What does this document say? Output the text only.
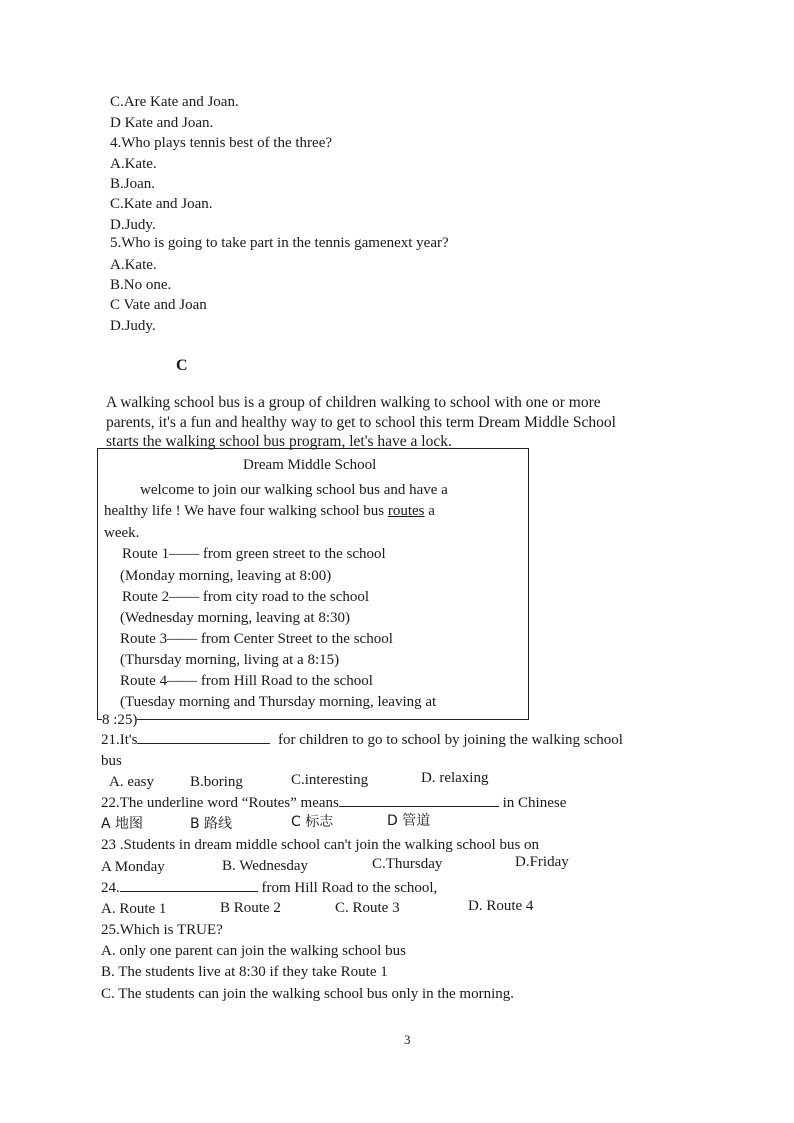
C.Are Kate and Joan.
D Kate and Joan.
4.Who plays tennis best of the three?
A.Kate.
B.Joan.
C.Kate and Joan.
D.Judy.
5.Who is going to take part in the tennis gamenext year?
A.Kate.
B.No one.
C Vate and Joan
D.Judy.
C
A walking school bus is a group of children walking to school with one or more
parents, it's a fun and healthy way to get to school this term Dream Middle School
starts the walking school bus program, let's have a lock.
Dream Middle School
welcome to join our walking school bus and have a
healthy life ! We have four walking school bus routes a
week.
Route 1—— from green street to the school
(Monday morning, leaving at 8:00)
Route 2—— from city road to the school
(Wednesday morning, leaving at 8:30)
Route 3—— from Center Street to the school
(Thursday morning, living at a 8:15)
Route 4—— from Hill Road to the school
(Tuesday morning and Thursday morning, leaving at
8 :25)
21.It's	for children to go to school by joining the walking school
bus
A. easy B.boring	C.interesting	D. relaxing
22.The underline word “Routes” means	in Chinese
A 地图	B 路线	C 标志	D 管道
23 .Students in dream middle school can't join the walking school bus on
A Monday	B. Wednesday	C.Thursday	D.Friday
24.	from Hill Road to the school,
A. Route 1	B Route 2	C. Route 3	D. Route 4
25.Which is TRUE?
A. only one parent can join the walking school bus
B. The students live at 8:30 if they take Route 1
C. The students can join the walking school bus only in the morning.
3
